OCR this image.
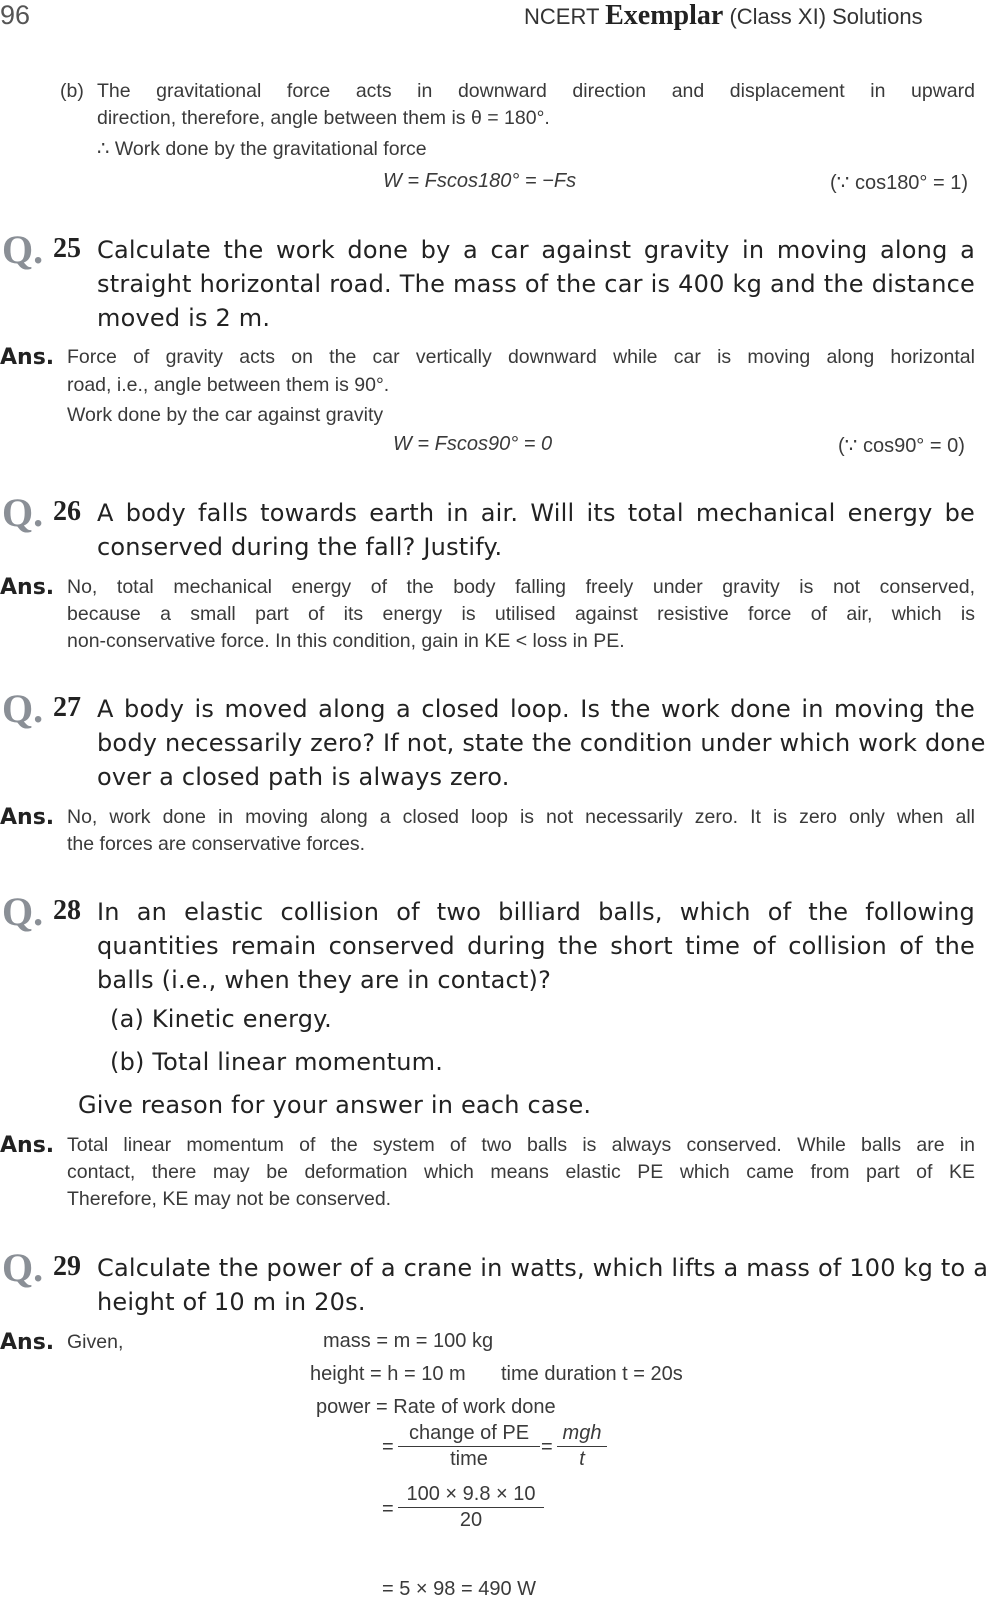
96	NCERT Exemplar (Class XI) Solutions
(b) The gravitational force acts in downward direction and displacement in upward
direction, therefore, angle between them is θ = 180°.
∴ Work done by the gravitational force
W = Fscos180° = −Fs	(∵ cos180° = 1)
Q. 25 Calculate the work done by a car against gravity in moving along a
straight horizontal road. The mass of the car is 400 kg and the distance
moved is 2 m.
Ans. Force of gravity acts on the car vertically downward while car is moving along horizontal
road, i.e., angle between them is 90°.
Work done by the car against gravity
W = Fscos90° = 0	(∵ cos90° = 0)
Q. 26 A body falls towards earth in air. Will its total mechanical energy be
conserved during the fall? Justify.
Ans. No, total mechanical energy of the body falling freely under gravity is not conserved,
because a small part of its energy is utilised against resistive force of air, which is
non-conservative force. In this condition, gain in KE < loss in PE.
Q. 27 A body is moved along a closed loop. Is the work done in moving the
body necessarily zero? If not, state the condition under which work done
over a closed path is always zero.
Ans. No, work done in moving along a closed loop is not necessarily zero. It is zero only when all
the forces are conservative forces.
Q. 28 In an elastic collision of two billiard balls, which of the following
quantities remain conserved during the short time of collision of the
balls (i.e., when they are in contact)?
(a) Kinetic energy.
(b) Total linear momentum.
Give reason for your answer in each case.
Ans. Total linear momentum of the system of two balls is always conserved. While balls are in
contact, there may be deformation which means elastic PE which came from part of KE
Therefore, KE may not be conserved.
Q. 29 Calculate the power of a crane in watts, which lifts a mass of 100 kg to a
height of 10 m in 20s.
Ans. Given,	mass = m = 100 kg
height = h = 10 m time duration t = 20s
power = Rate of work done
=
change of PE
time
=
mgh
t
=
100 × 9.8 × 10
20
= 5 × 98 = 490 W
